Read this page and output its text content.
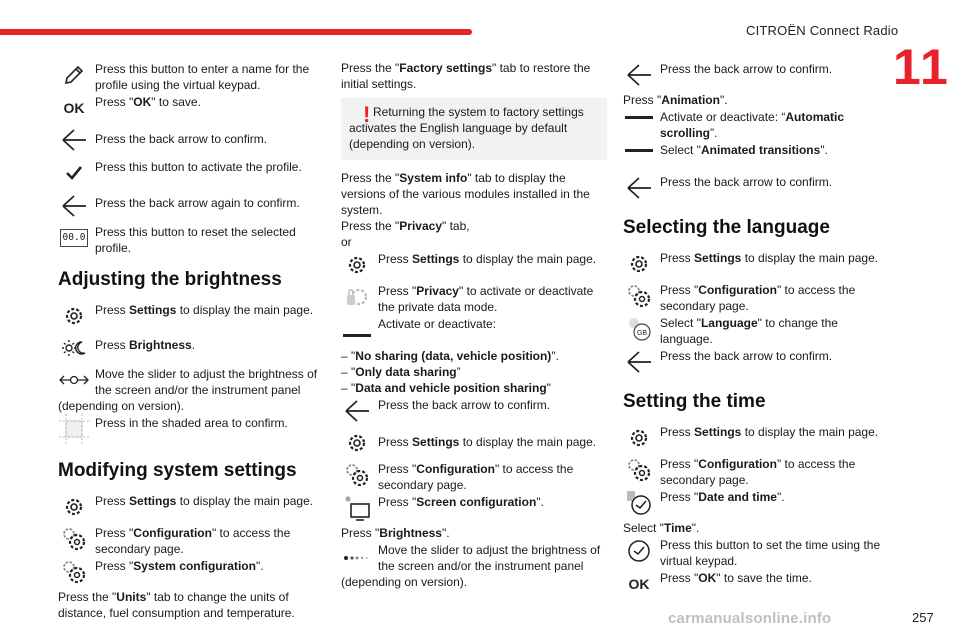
CITROËN Connect Radio
11
Press this button to enter a name for the profile using the virtual keypad.
OK Press "OK" to save.
Press the back arrow to confirm.
Press this button to activate the profile.
Press the back arrow again to confirm.
00.0 Press this button to reset the selected profile.
Adjusting the brightness
Press Settings to display the main page.
Press Brightness.
Move the slider to adjust the brightness of the screen and/or the instrument panel (depending on version).
Press in the shaded area to confirm.
Modifying system settings
Press Settings to display the main page.
Press "Configuration" to access the secondary page.
Press "System configuration".
Press the "Units" tab to change the units of distance, fuel consumption and temperature.
Press the "Factory settings" tab to restore the initial settings.
! Returning the system to factory settings activates the English language by default (depending on version).
Press the "System info" tab to display the versions of the various modules installed in the system.
Press the "Privacy" tab,
or
Press Settings to display the main page.
Press "Privacy" to activate or deactivate the private data mode.
Activate or deactivate:
– "No sharing (data, vehicle position)".
– "Only data sharing”
– "Data and vehicle position sharing"
Press the back arrow to confirm.
Press Settings to display the main page.
Press "Configuration" to access the secondary page.
Press "Screen configuration".
Press "Brightness".
Move the slider to adjust the brightness of the screen and/or the instrument panel (depending on version).
Press the back arrow to confirm.
Press "Animation".
Activate or deactivate: “Automatic scrolling”.
Select "Animated transitions".
Press the back arrow to confirm.
Selecting the language
Press Settings to display the main page.
Press "Configuration" to access the secondary page.
GB
Select "Language" to change the language.
Press the back arrow to confirm.
Setting the time
Press Settings to display the main page.
Press "Configuration" to access the secondary page.
Press "Date and time".
Select "Time".
Press this button to set the time using the virtual keypad.
OK Press "OK" to save the time.
carmanualsonline.info	257
